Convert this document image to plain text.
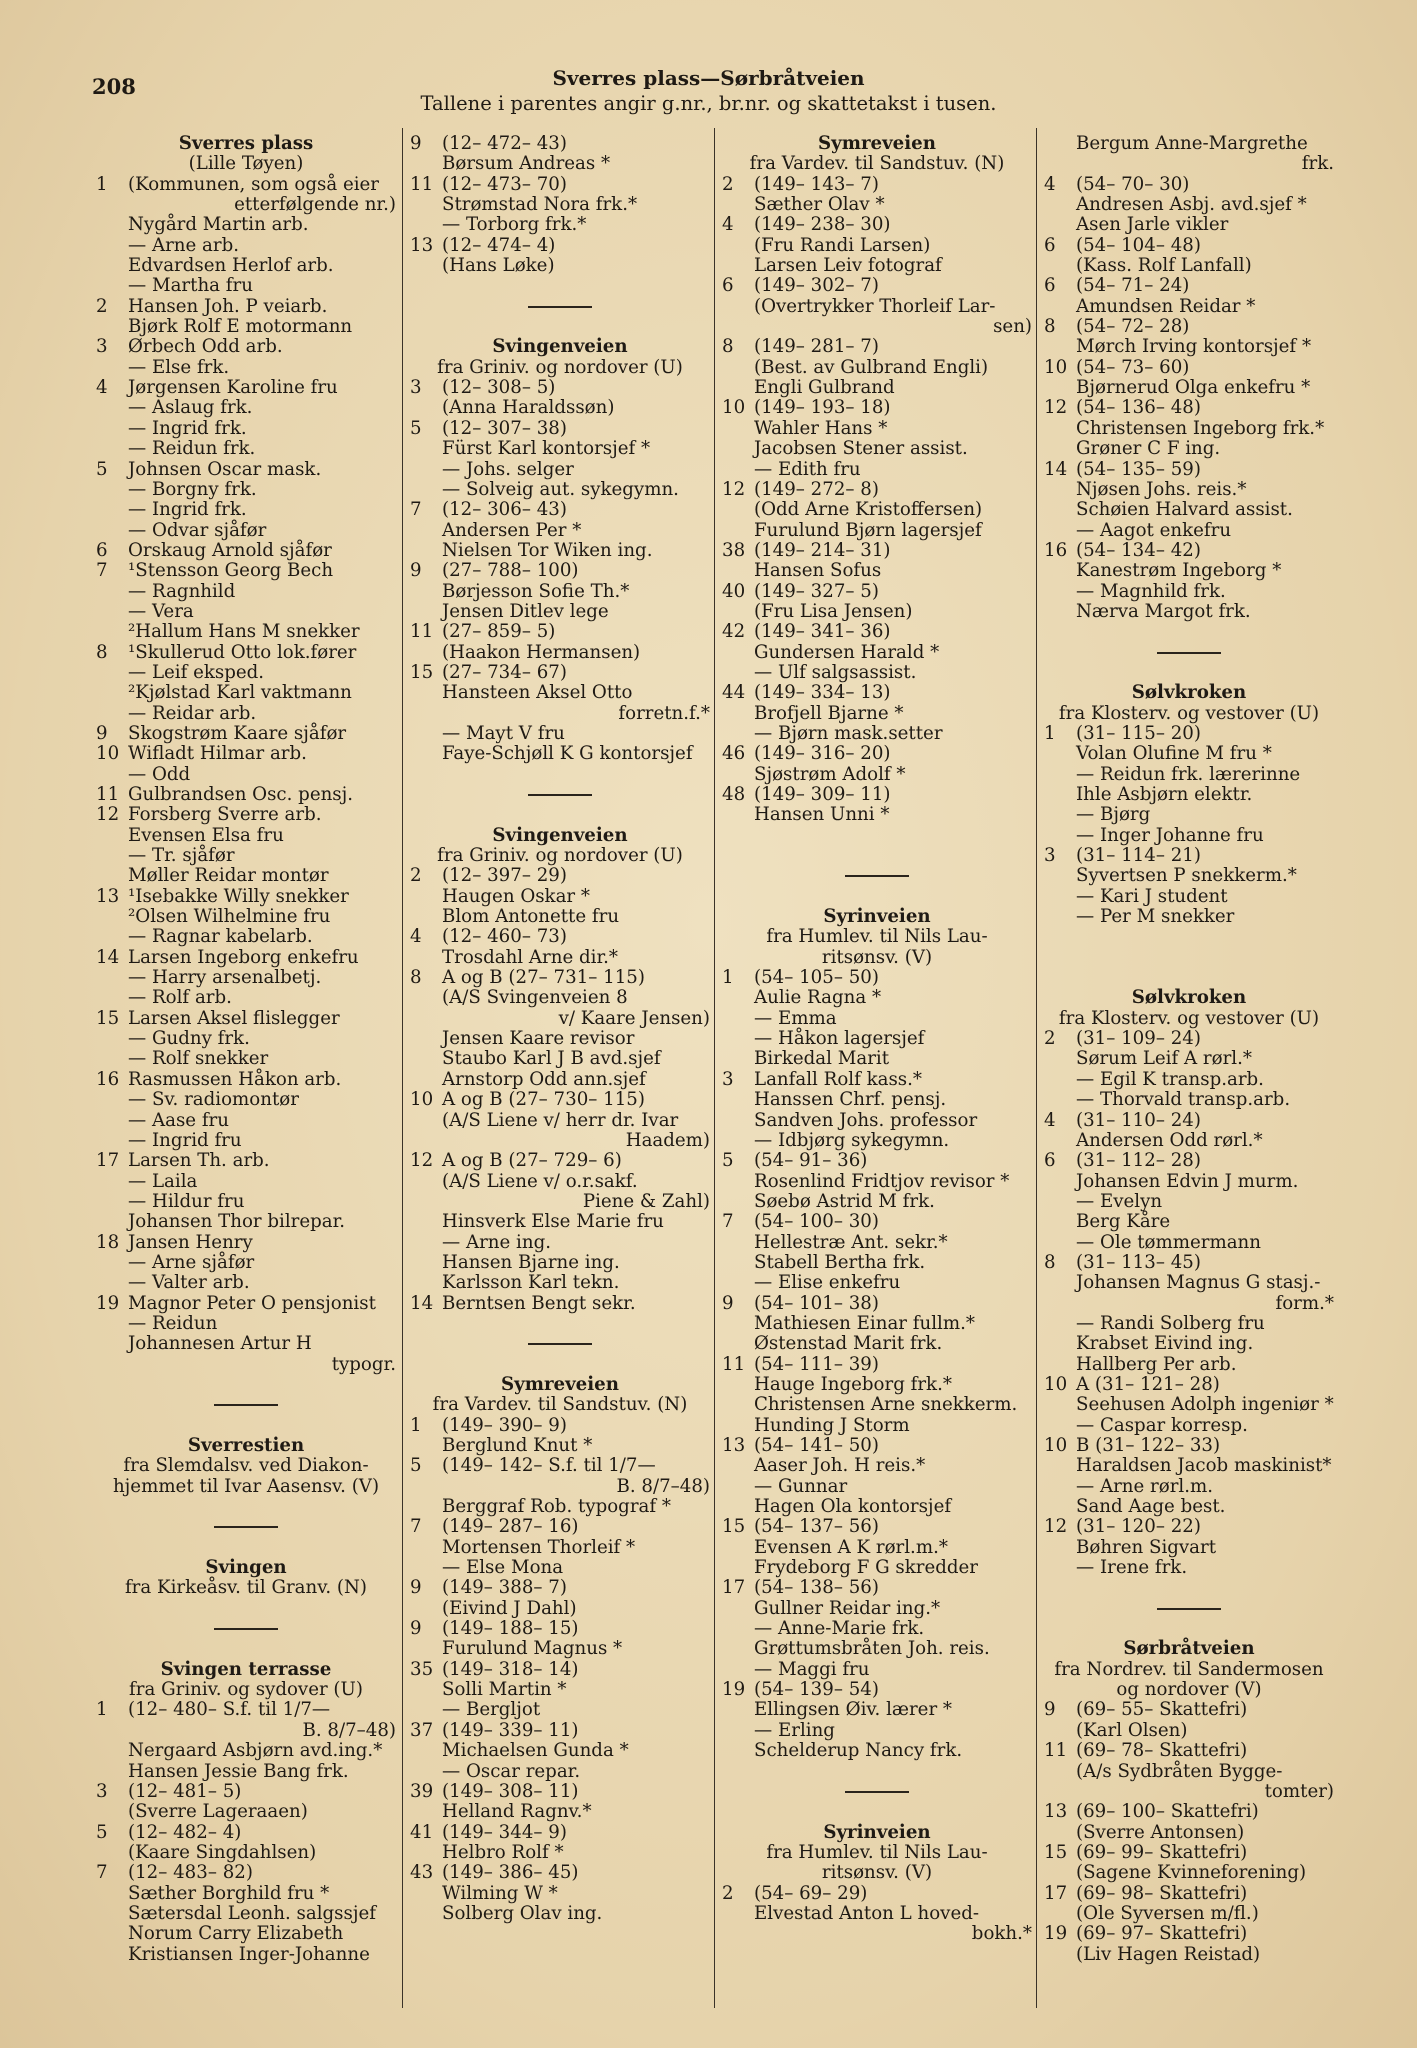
208	Sverres plass—Sørbråtveien
Tallene i parentes angir g.nr., br.nr. og skattetakst i tusen.
Sverres plass
(Lille Tøyen)
1	(Kommunen, som også eier
etterfølgende nr.)
Nygård Martin arb.
— Arne arb.
Edvardsen Herlof arb.
— Martha fru
2	Hansen Joh. P veiarb.
Bjørk Rolf E motormann
3	Ørbech Odd arb.
— Else frk.
4	Jørgensen Karoline fru
— Aslaug frk.
— Ingrid frk.
— Reidun frk.
5	Johnsen Oscar mask.
— Borgny frk.
— Ingrid frk.
— Odvar sjåfør
6	Orskaug Arnold sjåfør
7	¹Stensson Georg Bech
— Ragnhild
— Vera
²Hallum Hans M snekker
8	¹Skullerud Otto lok.fører
— Leif eksped.
²Kjølstad Karl vaktmann
— Reidar arb.
9	Skogstrøm Kaare sjåfør
10 Wifladt Hilmar arb.
— Odd
11 Gulbrandsen Osc. pensj.
12 Forsberg Sverre arb.
Evensen Elsa fru
— Tr. sjåfør
Møller Reidar montør
13 ¹Isebakke Willy snekker
²Olsen Wilhelmine fru
— Ragnar kabelarb.
14 Larsen Ingeborg enkefru
— Harry arsenalbetj.
— Rolf arb.
15 Larsen Aksel flislegger
— Gudny frk.
— Rolf snekker
16 Rasmussen Håkon arb.
— Sv. radiomontør
— Aase fru
— Ingrid fru
17 Larsen Th. arb.
— Laila
— Hildur fru
Johansen Thor bilrepar.
18 Jansen Henry
— Arne sjåfør
— Valter arb.
19 Magnor Peter O pensjonist
— Reidun
Johannesen Artur H
typogr.
Sverrestien
fra Slemdalsv. ved Diakon-
hjemmet til Ivar Aasensv. (V)
Svingen
fra Kirkeåsv. til Granv. (N)
Svingen terrasse
fra Griniv. og sydover (U)
1	(12– 480– S.f. til 1/7—
B. 8/7–48)
Nergaard Asbjørn avd.ing.*
Hansen Jessie Bang frk.
3	(12– 481– 5)
(Sverre Lageraaen)
5	(12– 482– 4)
(Kaare Singdahlsen)
7	(12– 483– 82)
Sæther Borghild fru *
Sætersdal Leonh. salgssjef
Norum Carry Elizabeth
Kristiansen Inger-Johanne
9	(12– 472– 43)
Børsum Andreas *
11 (12– 473– 70)
Strømstad Nora frk.*
— Torborg frk.*
13 (12– 474– 4)
(Hans Løke)
Svingenveien
fra Griniv. og nordover (U)
3	(12– 308– 5)
(Anna Haraldssøn)
5	(12– 307– 38)
Fürst Karl kontorsjef *
— Johs. selger
— Solveig aut. sykegymn.
7	(12– 306– 43)
Andersen Per *
Nielsen Tor Wiken ing.
9	(27– 788– 100)
Børjesson Sofie Th.*
Jensen Ditlev lege
11 (27– 859– 5)
(Haakon Hermansen)
15 (27– 734– 67)
Hansteen Aksel Otto
forretn.f.*
— Mayt V fru
Faye-Schjøll K G kontorsjef
Svingenveien
fra Griniv. og nordover (U)
2	(12– 397– 29)
Haugen Oskar *
Blom Antonette fru
4	(12– 460– 73)
Trosdahl Arne dir.*
8	A og B (27– 731– 115)
(A/S Svingenveien 8
v/ Kaare Jensen)
Jensen Kaare revisor
Staubo Karl J B avd.sjef
Arnstorp Odd ann.sjef
10 A og B (27– 730– 115)
(A/S Liene v/ herr dr. Ivar
Haadem)
12 A og B (27– 729– 6)
(A/S Liene v/ o.r.sakf.
Piene & Zahl)
Hinsverk Else Marie fru
— Arne ing.
Hansen Bjarne ing.
Karlsson Karl tekn.
14 Berntsen Bengt sekr.
Symreveien
fra Vardev. til Sandstuv. (N)
1	(149– 390– 9)
Berglund Knut *
5	(149– 142– S.f. til 1/7—
B. 8/7–48)
Berggraf Rob. typograf *
7	(149– 287– 16)
Mortensen Thorleif *
— Else Mona
9	(149– 388– 7)
(Eivind J Dahl)
9	(149– 188– 15)
Furulund Magnus *
35 (149– 318– 14)
Solli Martin *
— Bergljot
37 (149– 339– 11)
Michaelsen Gunda *
— Oscar repar.
39 (149– 308– 11)
Helland Ragnv.*
41 (149– 344– 9)
Helbro Rolf *
43 (149– 386– 45)
Wilming W *
Solberg Olav ing.
Symreveien
fra Vardev. til Sandstuv. (N)
2	(149– 143– 7)
Sæther Olav *
4	(149– 238– 30)
(Fru Randi Larsen)
Larsen Leiv fotograf
6	(149– 302– 7)
(Overtrykker Thorleif Lar-
sen)
8	(149– 281– 7)
(Best. av Gulbrand Engli)
Engli Gulbrand
10 (149– 193– 18)
Wahler Hans *
Jacobsen Stener assist.
— Edith fru
12 (149– 272– 8)
(Odd Arne Kristoffersen)
Furulund Bjørn lagersjef
38 (149– 214– 31)
Hansen Sofus
40 (149– 327– 5)
(Fru Lisa Jensen)
42 (149– 341– 36)
Gundersen Harald *
— Ulf salgsassist.
44 (149– 334– 13)
Brofjell Bjarne *
— Bjørn mask.setter
46 (149– 316– 20)
Sjøstrøm Adolf *
48 (149– 309– 11)
Hansen Unni *
Syrinveien
fra Humlev. til Nils Lau-
ritsønsv. (V)
1	(54– 105– 50)
Aulie Ragna *
— Emma
— Håkon lagersjef
Birkedal Marit
3	Lanfall Rolf kass.*
Hanssen Chrf. pensj.
Sandven Johs. professor
— Idbjørg sykegymn.
5	(54– 91– 36)
Rosenlind Fridtjov revisor *
Søebø Astrid M frk.
7	(54– 100– 30)
Hellestræ Ant. sekr.*
Stabell Bertha frk.
— Elise enkefru
9	(54– 101– 38)
Mathiesen Einar fullm.*
Østenstad Marit frk.
11 (54– 111– 39)
Hauge Ingeborg frk.*
Christensen Arne snekkerm.
Hunding J Storm
13 (54– 141– 50)
Aaser Joh. H reis.*
— Gunnar
Hagen Ola kontorsjef
15 (54– 137– 56)
Evensen A K rørl.m.*
Frydeborg F G skredder
17 (54– 138– 56)
Gullner Reidar ing.*
— Anne-Marie frk.
Grøttumsbråten Joh. reis.
— Maggi fru
19 (54– 139– 54)
Ellingsen Øiv. lærer *
— Erling
Schelderup Nancy frk.
Syrinveien
fra Humlev. til Nils Lau-
ritsønsv. (V)
2	(54– 69– 29)
Elvestad Anton L hoved-
bokh.*
Bergum Anne-Margrethe
frk.
4	(54– 70– 30)
Andresen Asbj. avd.sjef *
Asen Jarle vikler
6	(54– 104– 48)
(Kass. Rolf Lanfall)
6	(54– 71– 24)
Amundsen Reidar *
8	(54– 72– 28)
Mørch Irving kontorsjef *
10 (54– 73– 60)
Bjørnerud Olga enkefru *
12 (54– 136– 48)
Christensen Ingeborg frk.*
Grøner C F ing.
14 (54– 135– 59)
Njøsen Johs. reis.*
Schøien Halvard assist.
— Aagot enkefru
16 (54– 134– 42)
Kanestrøm Ingeborg *
— Magnhild frk.
Nærva Margot frk.
Sølvkroken
fra Klosterv. og vestover (U)
1	(31– 115– 20)
Volan Olufine M fru *
— Reidun frk. lærerinne
Ihle Asbjørn elektr.
— Bjørg
— Inger Johanne fru
3	(31– 114– 21)
Syvertsen P snekkerm.*
— Kari J student
— Per M snekker
Sølvkroken
fra Klosterv. og vestover (U)
2	(31– 109– 24)
Sørum Leif A rørl.*
— Egil K transp.arb.
— Thorvald transp.arb.
4	(31– 110– 24)
Andersen Odd rørl.*
6	(31– 112– 28)
Johansen Edvin J murm.
— Evelyn
Berg Kåre
— Ole tømmermann
8	(31– 113– 45)
Johansen Magnus G stasj.-
form.*
— Randi Solberg fru
Krabset Eivind ing.
Hallberg Per arb.
10 A (31– 121– 28)
Seehusen Adolph ingeniør *
— Caspar korresp.
10 B (31– 122– 33)
Haraldsen Jacob maskinist*
— Arne rørl.m.
Sand Aage best.
12 (31– 120– 22)
Bøhren Sigvart
— Irene frk.
Sørbråtveien
fra Nordrev. til Sandermosen
og nordover (V)
9	(69– 55– Skattefri)
(Karl Olsen)
11 (69– 78– Skattefri)
(A/s Sydbråten Bygge-
tomter)
13 (69– 100– Skattefri)
(Sverre Antonsen)
15 (69– 99– Skattefri)
(Sagene Kvinneforening)
17 (69– 98– Skattefri)
(Ole Syversen m/fl.)
19 (69– 97– Skattefri)
(Liv Hagen Reistad)
